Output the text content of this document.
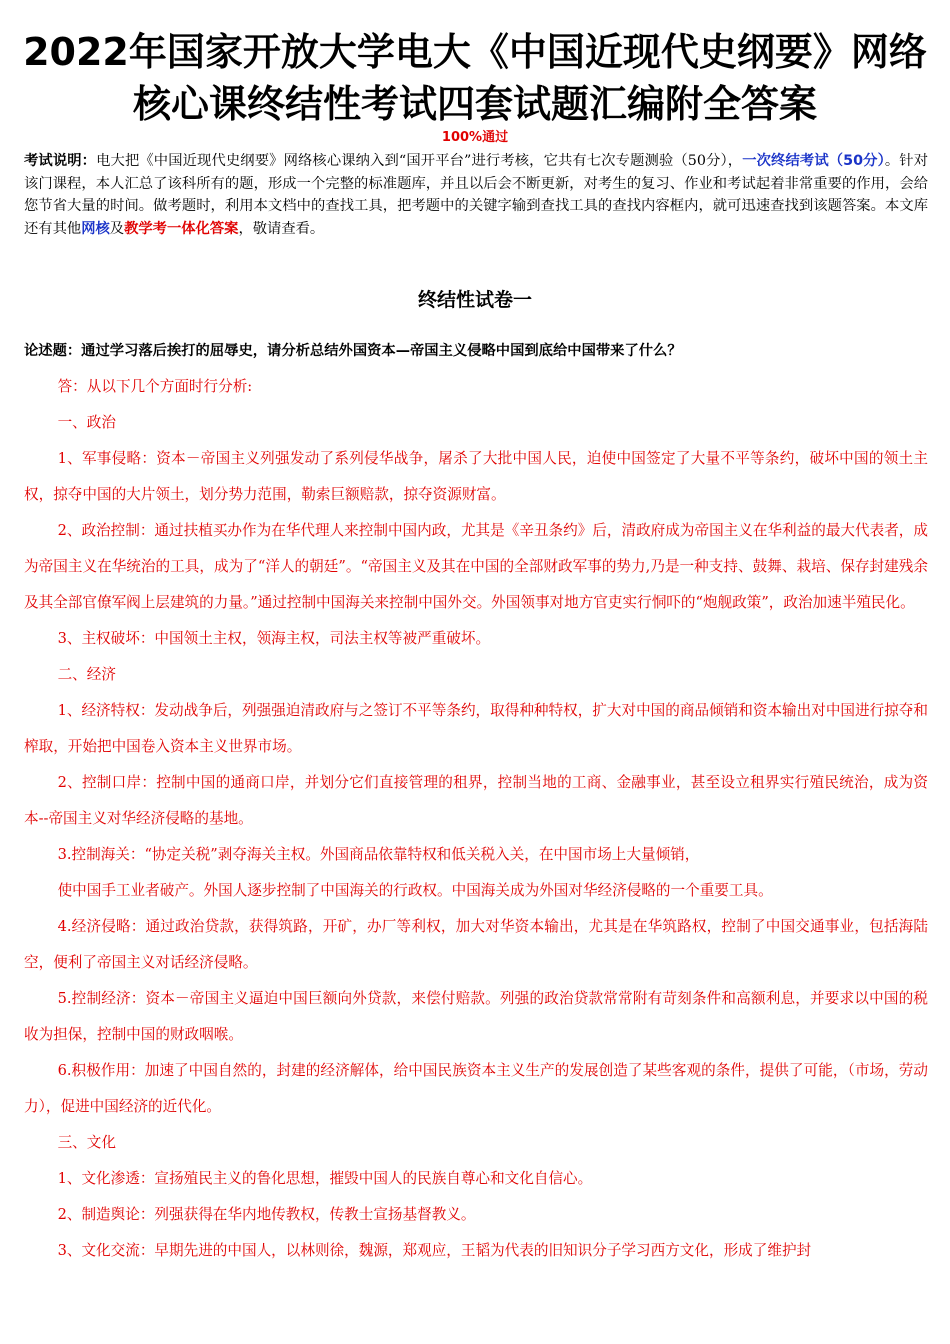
2022年国家开放大学电大《中国近现代史纲要》网络
核心课终结性考试四套试题汇编附全答案
100%通过
考试说明：电大把《中国近现代史纲要》网络核心课纳入到“国开平台”进行考核，它共有七次专题测验（50分），一次终结考试（50分）。针对该门课程，本人汇总了该科所有的题，形成一个完整的标准题库，并且以后会不断更新，对考生的复习、作业和考试起着非常重要的作用，会给您节省大量的时间。做考题时，利用本文档中的查找工具，把考题中的关键字输到查找工具的查找内容框内，就可迅速查找到该题答案。本文库还有其他网核及教学考一体化答案，敬请查看。
终结性试卷一
论述题：通过学习落后挨打的屈辱史，请分析总结外国资本—帝国主义侵略中国到底给中国带来了什么？

答：从以下几个方面时行分析:

一、政治

1、军事侵略：资本－帝国主义列强发动了系列侵华战争，屠杀了大批中国人民，迫使中国签定了大量不平等条约，破坏中国的领土主权，掠夺中国的大片领土，划分势力范围，勒索巨额赔款，掠夺资源财富。

2、政治控制：通过扶植买办作为在华代理人来控制中国内政，尤其是《辛丑条约》后，清政府成为帝国主义在华利益的最大代表者，成为帝国主义在华统治的工具，成为了“洋人的朝廷”。“帝国主义及其在中国的全部财政军事的势力,乃是一种支持、鼓舞、栽培、保存封建残余及其全部官僚军阀上层建筑的力量。”通过控制中国海关来控制中国外交。外国领事对地方官吏实行恫吓的“炮舰政策”，政治加速半殖民化。

3、主权破坏：中国领土主权，领海主权，司法主权等被严重破坏。

二、经济

1、经济特权：发动战争后，列强强迫清政府与之签订不平等条约，取得种种特权，扩大对中国的商品倾销和资本输出对中国进行掠夺和榨取，开始把中国卷入资本主义世界市场。

2、控制口岸：控制中国的通商口岸，并划分它们直接管理的租界，控制当地的工商、金融事业，甚至设立租界实行殖民统治，成为资本--帝国主义对华经济侵略的基地。

3.控制海关：“协定关税”剥夺海关主权。外国商品依靠特权和低关税入关，在中国市场上大量倾销，

使中国手工业者破产。外国人逐步控制了中国海关的行政权。中国海关成为外国对华经济侵略的一个重要工具。

4.经济侵略：通过政治贷款，获得筑路，开矿，办厂等利权，加大对华资本输出，尤其是在华筑路权，控制了中国交通事业，包括海陆空，便利了帝国主义对话经济侵略。

5.控制经济：资本－帝国主义逼迫中国巨额向外贷款，来偿付赔款。列强的政治贷款常常附有苛刻条件和高额利息，并要求以中国的税收为担保，控制中国的财政咽喉。

6.积极作用：加速了中国自然的，封建的经济解体，给中国民族资本主义生产的发展创造了某些客观的条件，提供了可能，（市场，劳动力），促进中国经济的近代化。

三、文化

1、文化渗透：宣扬殖民主义的鲁化思想，摧毁中国人的民族自尊心和文化自信心。

2、制造舆论：列强获得在华内地传教权，传教士宣扬基督教义。

3、文化交流：早期先进的中国人，以林则徐，魏源，郑观应，王韬为代表的旧知识分子学习西方文化，形成了维护封
